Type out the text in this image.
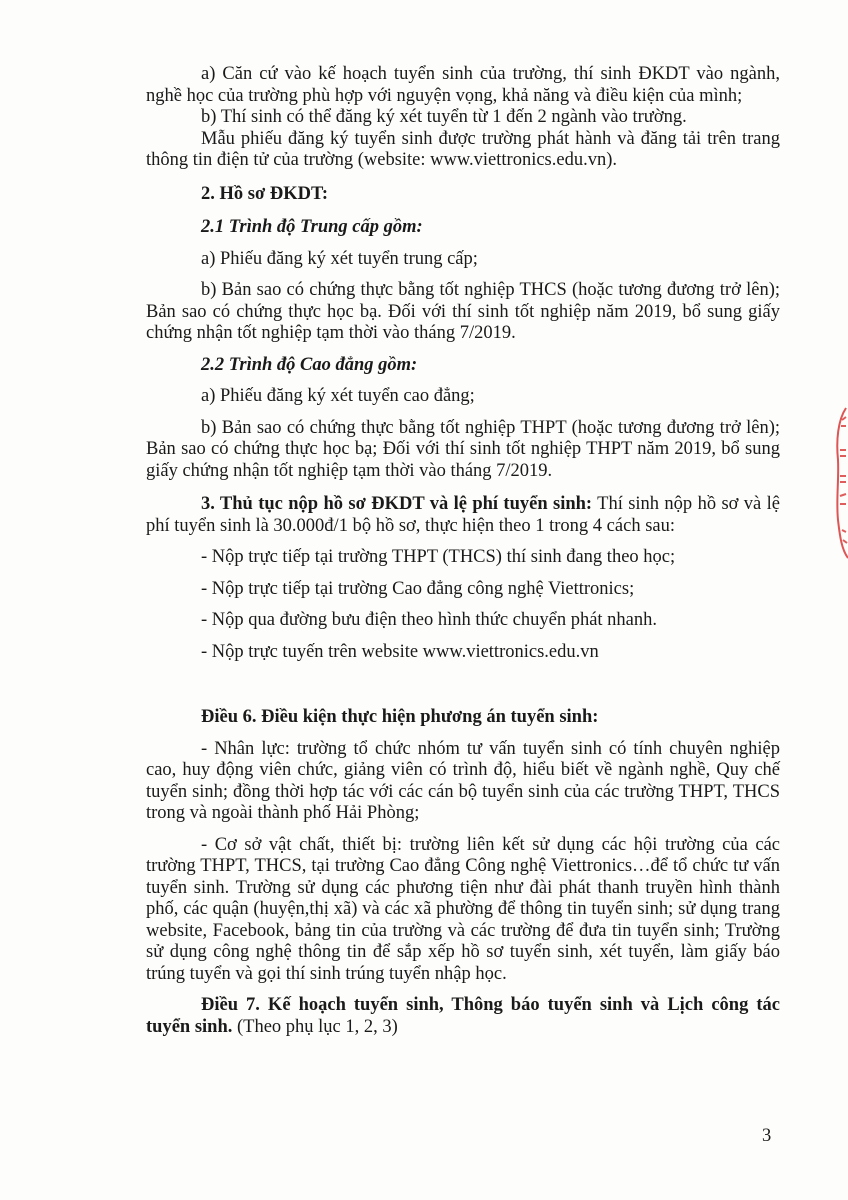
a) Căn cứ vào kế hoạch tuyển sinh của trường, thí sinh ĐKDT vào ngành, nghề học của trường phù hợp với nguyện vọng, khả năng và điều kiện của mình;

b) Thí sinh có thể đăng ký xét tuyển từ 1 đến 2 ngành vào trường.

Mẫu phiếu đăng ký tuyển sinh được trường phát hành và đăng tải trên trang thông tin điện tử của trường (website: www.viettronics.edu.vn).

2. Hồ sơ ĐKDT:

2.1 Trình độ Trung cấp gồm:

a) Phiếu đăng ký xét tuyển trung cấp;

b) Bản sao có chứng thực bằng tốt nghiệp THCS (hoặc tương đương trở lên); Bản sao có chứng thực học bạ. Đối với thí sinh tốt nghiệp năm 2019, bổ sung giấy chứng nhận tốt nghiệp tạm thời vào tháng 7/2019.

2.2 Trình độ Cao đẳng gồm:

a) Phiếu đăng ký xét tuyển cao đẳng;

b) Bản sao có chứng thực bằng tốt nghiệp THPT (hoặc tương đương trở lên); Bản sao có chứng thực học bạ; Đối với thí sinh tốt nghiệp THPT năm 2019, bổ sung giấy chứng nhận tốt nghiệp tạm thời vào tháng 7/2019.

3. Thủ tục nộp hồ sơ ĐKDT và lệ phí tuyển sinh: Thí sinh nộp hồ sơ và lệ phí tuyển sinh là 30.000đ/1 bộ hồ sơ, thực hiện theo 1 trong 4 cách sau:

- Nộp trực tiếp tại trường THPT (THCS) thí sinh đang theo học;

- Nộp trực tiếp tại trường Cao đẳng công nghệ Viettronics;

- Nộp qua đường bưu điện theo hình thức chuyển phát nhanh.

- Nộp trực tuyến trên website www.viettronics.edu.vn

Điều 6. Điều kiện thực hiện phương án tuyển sinh:

- Nhân lực: trường tổ chức nhóm tư vấn tuyển sinh có tính chuyên nghiệp cao, huy động viên chức, giảng viên có trình độ, hiểu biết về ngành nghề, Quy chế tuyển sinh; đồng thời hợp tác với các cán bộ tuyển sinh của các trường THPT, THCS trong và ngoài thành phố Hải Phòng;

- Cơ sở vật chất, thiết bị: trường liên kết sử dụng các hội trường của các trường THPT, THCS, tại trường Cao đẳng Công nghệ Viettronics…để tổ chức tư vấn tuyển sinh. Trường sử dụng các phương tiện như đài phát thanh truyền hình thành phố, các quận (huyện,thị xã) và các xã phường để thông tin tuyển sinh; sử dụng trang website, Facebook, bảng tin của trường và các trường để đưa tin tuyển sinh; Trường sử dụng công nghệ thông tin để sắp xếp hồ sơ tuyển sinh, xét tuyển, làm giấy báo trúng tuyển và gọi thí sinh trúng tuyển nhập học.

Điều 7. Kế hoạch tuyển sinh, Thông báo tuyển sinh và Lịch công tác tuyển sinh. (Theo phụ lục 1, 2, 3)

3
